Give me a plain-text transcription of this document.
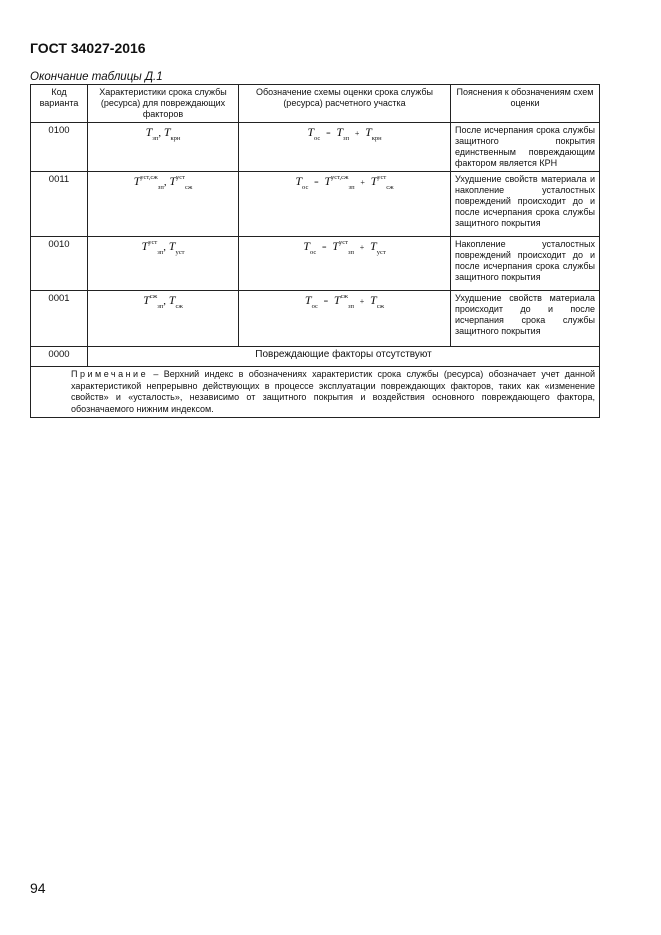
ГОСТ 34027-2016
Окончание таблицы Д.1
Код варианта	Характеристики срока службы (ресурса) для повреждающих факторов	Обозначение схемы оценки срока службы (ресурса) расчетного участка	Пояснения к обозначениям схем оценки
0100	$T_{зп}$, $T_{крн}$	$T_{ос} = T_{зп} + T_{крн}$	После исчерпания срока службы защитного покрытия единственным повреждающим фактором является КРН
0011	$T^{уст,сж}_{зп}$, $T^{уст}_{сж}$	$T_{ос} = T^{уст,сж}_{зп} + T^{уст}_{сж}$	Ухудшение свойств материала и накопление усталостных повреждений происходит до и после исчерпания срока службы защитного покрытия
0010	$T^{уст}_{зп}$, $T_{уст}$	$T_{ос} = T^{уст}_{зп} + T_{уст}$	Накопление усталостных повреждений происходит до и после исчерпания срока службы защитного покрытия
0001	$T^{сж}_{зп}$, $T_{сж}$	$T_{ос} = T^{сж}_{зп} + T_{сж}$	Ухудшение свойств материала происходит до и после исчерпания срока службы защитного покрытия
0000	Повреждающие факторы отсутствуют		

Примечание – Верхний индекс в обозначениях характеристик срока службы (ресурса) обозначает учет данной характеристикой непрерывно действующих в процессе эксплуатации повреждающих факторов, таких как «изменение свойств» и «усталость», независимо от защитного покрытия и воздействия основного повреждающего фактора, обозначаемого нижним индексом.			
94
